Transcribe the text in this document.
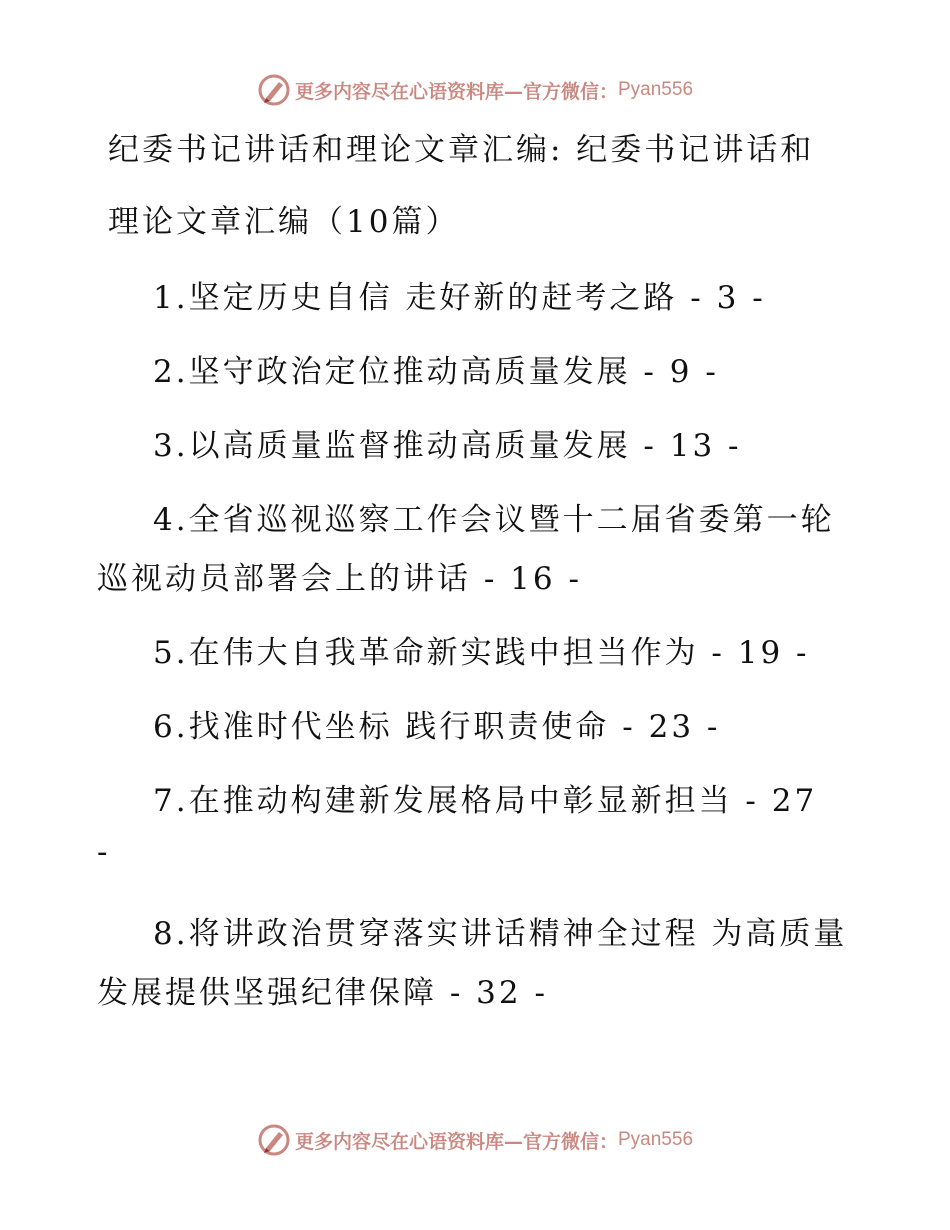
更多内容尽在心语资料库—官方微信： Pyan556
纪委书记讲话和理论文章汇编: 纪委书记讲话和
理论文章汇编（10篇）
1.坚定历史自信 走好新的赶考之路 - 3 -
2.坚守政治定位推动高质量发展 - 9 -
3.以高质量监督推动高质量发展 - 13 -
4.全省巡视巡察工作会议暨十二届省委第一轮
巡视动员部署会上的讲话 - 16 -
5.在伟大自我革命新实践中担当作为 - 19 -
6.找准时代坐标 践行职责使命 - 23 -
7.在推动构建新发展格局中彰显新担当 - 27
-
8.将讲政治贯穿落实讲话精神全过程 为高质量
发展提供坚强纪律保障 - 32 -
更多内容尽在心语资料库—官方微信： Pyan556
